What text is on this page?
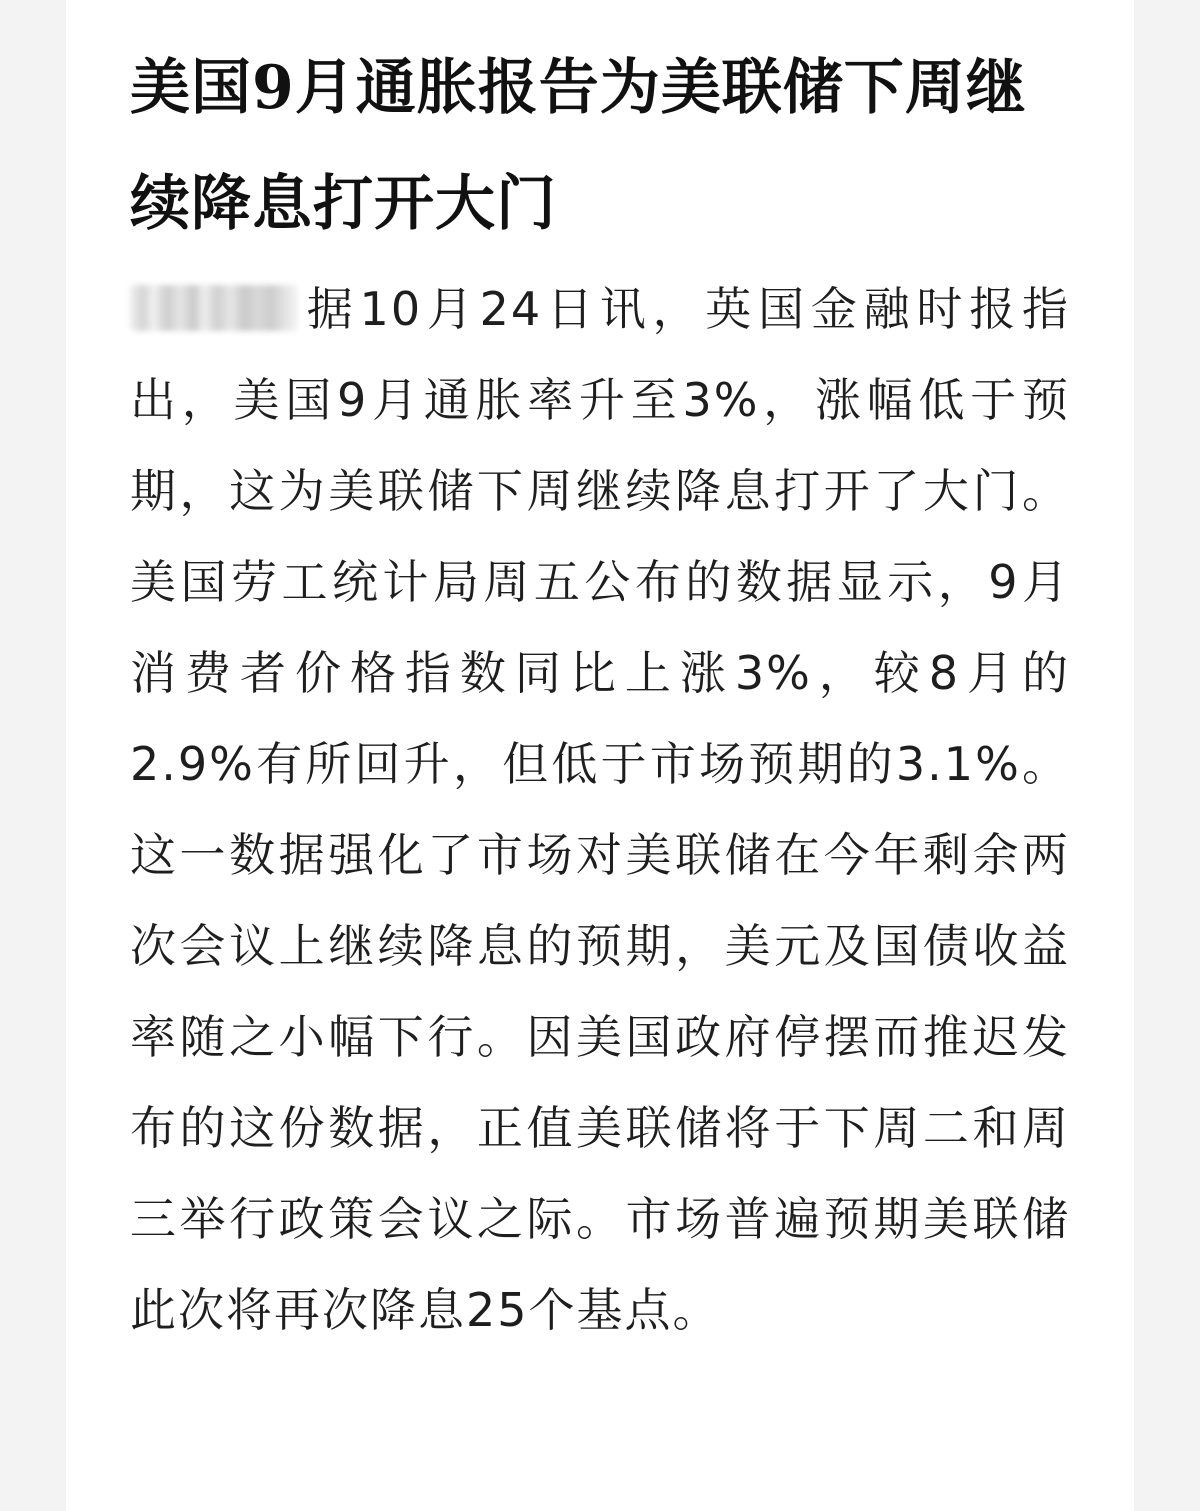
美国9月通胀报告为美联储下周继续降息打开大门

据10月24日讯，英国金融时报指出，美国9月通胀率升至3%，涨幅低于预期，这为美联储下周继续降息打开了大门。美国劳工统计局周五公布的数据显示，9月消费者价格指数同比上涨3%，较8月的2.9%有所回升，但低于市场预期的3.1%。这一数据强化了市场对美联储在今年剩余两次会议上继续降息的预期，美元及国债收益率随之小幅下行。因美国政府停摆而推迟发布的这份数据，正值美联储将于下周二和周三举行政策会议之际。市场普遍预期美联储此次将再次降息25个基点。
